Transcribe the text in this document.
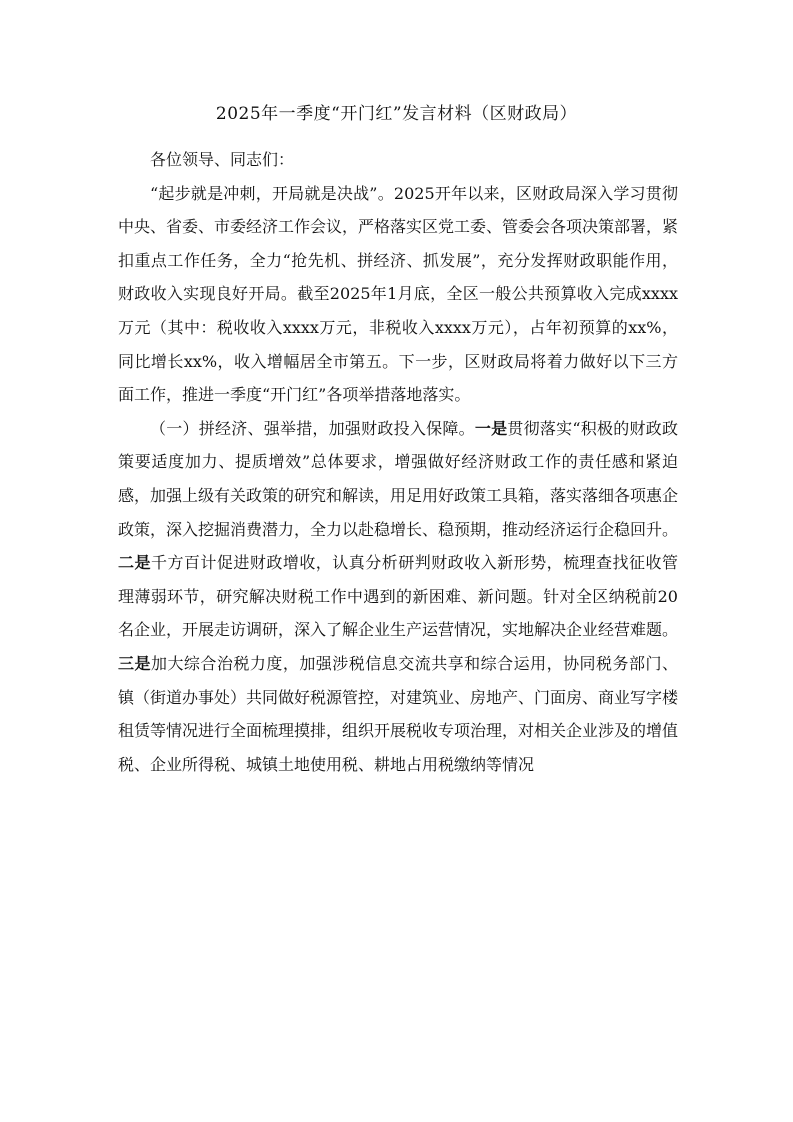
2025年一季度“开门红”发言材料（区财政局）

各位领导、同志们：

“起步就是冲刺，开局就是决战”。2025开年以来，区财政局深入学习贯彻中央、省委、市委经济工作会议，严格落实区党工委、管委会各项决策部署，紧扣重点工作任务，全力“抢先机、拼经济、抓发展”，充分发挥财政职能作用，财政收入实现良好开局。截至2025年1月底，全区一般公共预算收入完成xxxx万元（其中：税收收入xxxx万元，非税收入xxxx万元），占年初预算的xx%，同比增长xx%，收入增幅居全市第五。下一步，区财政局将着力做好以下三方面工作，推进一季度“开门红”各项举措落地落实。

（一）拼经济、强举措，加强财政投入保障。一是贯彻落实“积极的财政政策要适度加力、提质增效”总体要求，增强做好经济财政工作的责任感和紧迫感，加强上级有关政策的研究和解读，用足用好政策工具箱，落实落细各项惠企政策，深入挖掘消费潜力，全力以赴稳增长、稳预期，推动经济运行企稳回升。二是千方百计促进财政增收，认真分析研判财政收入新形势，梳理查找征收管理薄弱环节，研究解决财税工作中遇到的新困难、新问题。针对全区纳税前20名企业，开展走访调研，深入了解企业生产运营情况，实地解决企业经营难题。三是加大综合治税力度，加强涉税信息交流共享和综合运用，协同税务部门、镇（街道办事处）共同做好税源管控，对建筑业、房地产、门面房、商业写字楼租赁等情况进行全面梳理摸排，组织开展税收专项治理，对相关企业涉及的增值税、企业所得税、城镇土地使用税、耕地占用税缴纳等情况
